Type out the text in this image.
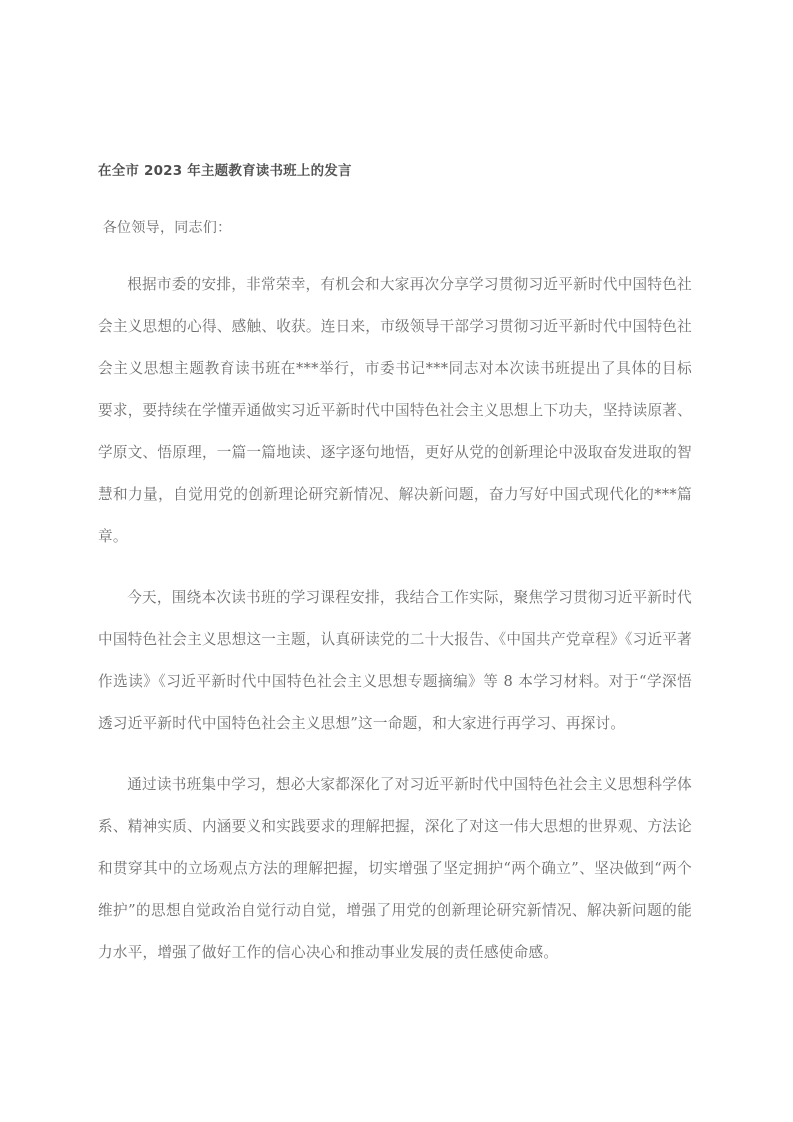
在全市 2023 年主题教育读书班上的发言

各位领导，同志们：

根据市委的安排，非常荣幸，有机会和大家再次分享学习贯彻习近平新时代中国特色社会主义思想的心得、感触、收获。连日来，市级领导干部学习贯彻习近平新时代中国特色社会主义思想主题教育读书班在***举行，市委书记***同志对本次读书班提出了具体的目标要求，要持续在学懂弄通做实习近平新时代中国特色社会主义思想上下功夫，坚持读原著、学原文、悟原理，一篇一篇地读、逐字逐句地悟，更好从党的创新理论中汲取奋发进取的智慧和力量，自觉用党的创新理论研究新情况、解决新问题，奋力写好中国式现代化的***篇章。

今天，围绕本次读书班的学习课程安排，我结合工作实际，聚焦学习贯彻习近平新时代中国特色社会主义思想这一主题，认真研读党的二十大报告、《中国共产党章程》《习近平著作选读》《习近平新时代中国特色社会主义思想专题摘编》等 8 本学习材料。对于“学深悟透习近平新时代中国特色社会主义思想”这一命题，和大家进行再学习、再探讨。

通过读书班集中学习，想必大家都深化了对习近平新时代中国特色社会主义思想科学体系、精神实质、内涵要义和实践要求的理解把握，深化了对这一伟大思想的世界观、方法论和贯穿其中的立场观点方法的理解把握，切实增强了坚定拥护“两个确立”、坚决做到“两个维护”的思想自觉政治自觉行动自觉，增强了用党的创新理论研究新情况、解决新问题的能力水平，增强了做好工作的信心决心和推动事业发展的责任感使命感。
